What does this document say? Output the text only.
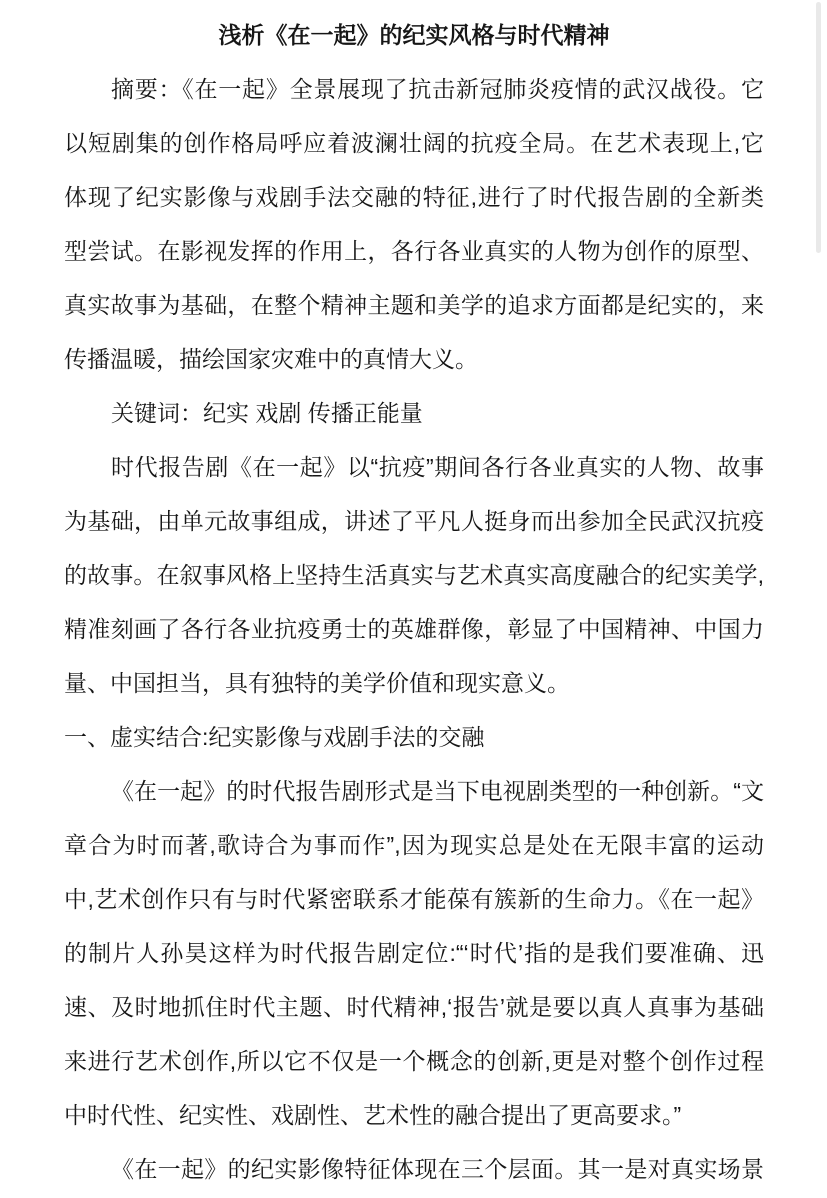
浅析《在一起》的纪实风格与时代精神

摘要：《在一起》全景展现了抗击新冠肺炎疫情的武汉战役。它

以短剧集的创作格局呼应着波澜壮阔的抗疫全局。在艺术表现上,它

体现了纪实影像与戏剧手法交融的特征,进行了时代报告剧的全新类

型尝试。在影视发挥的作用上，各行各业真实的人物为创作的原型、

真实故事为基础，在整个精神主题和美学的追求方面都是纪实的，来

传播温暖，描绘国家灾难中的真情大义。

关键词：纪实 戏剧 传播正能量

时代报告剧《在一起》以“抗疫”期间各行各业真实的人物、故事

为基础，由单元故事组成，讲述了平凡人挺身而出参加全民武汉抗疫

的故事。在叙事风格上坚持生活真实与艺术真实高度融合的纪实美学,

精准刻画了各行各业抗疫勇士的英雄群像，彰显了中国精神、中国力

量、中国担当，具有独特的美学价值和现实意义。

一、虚实结合:纪实影像与戏剧手法的交融

《在一起》的时代报告剧形式是当下电视剧类型的一种创新。“文

章合为时而著,歌诗合为事而作”,因为现实总是处在无限丰富的运动

中,艺术创作只有与时代紧密联系才能葆有簇新的生命力。《在一起》

的制片人孙昊这样为时代报告剧定位:“‘时代’指的是我们要准确、迅

速、及时地抓住时代主题、时代精神,‘报告’就是要以真人真事为基础

来进行艺术创作,所以它不仅是一个概念的创新,更是对整个创作过程

中时代性、纪实性、戏剧性、艺术性的融合提出了更高要求。”

《在一起》的纪实影像特征体现在三个层面。其一是对真实场景
